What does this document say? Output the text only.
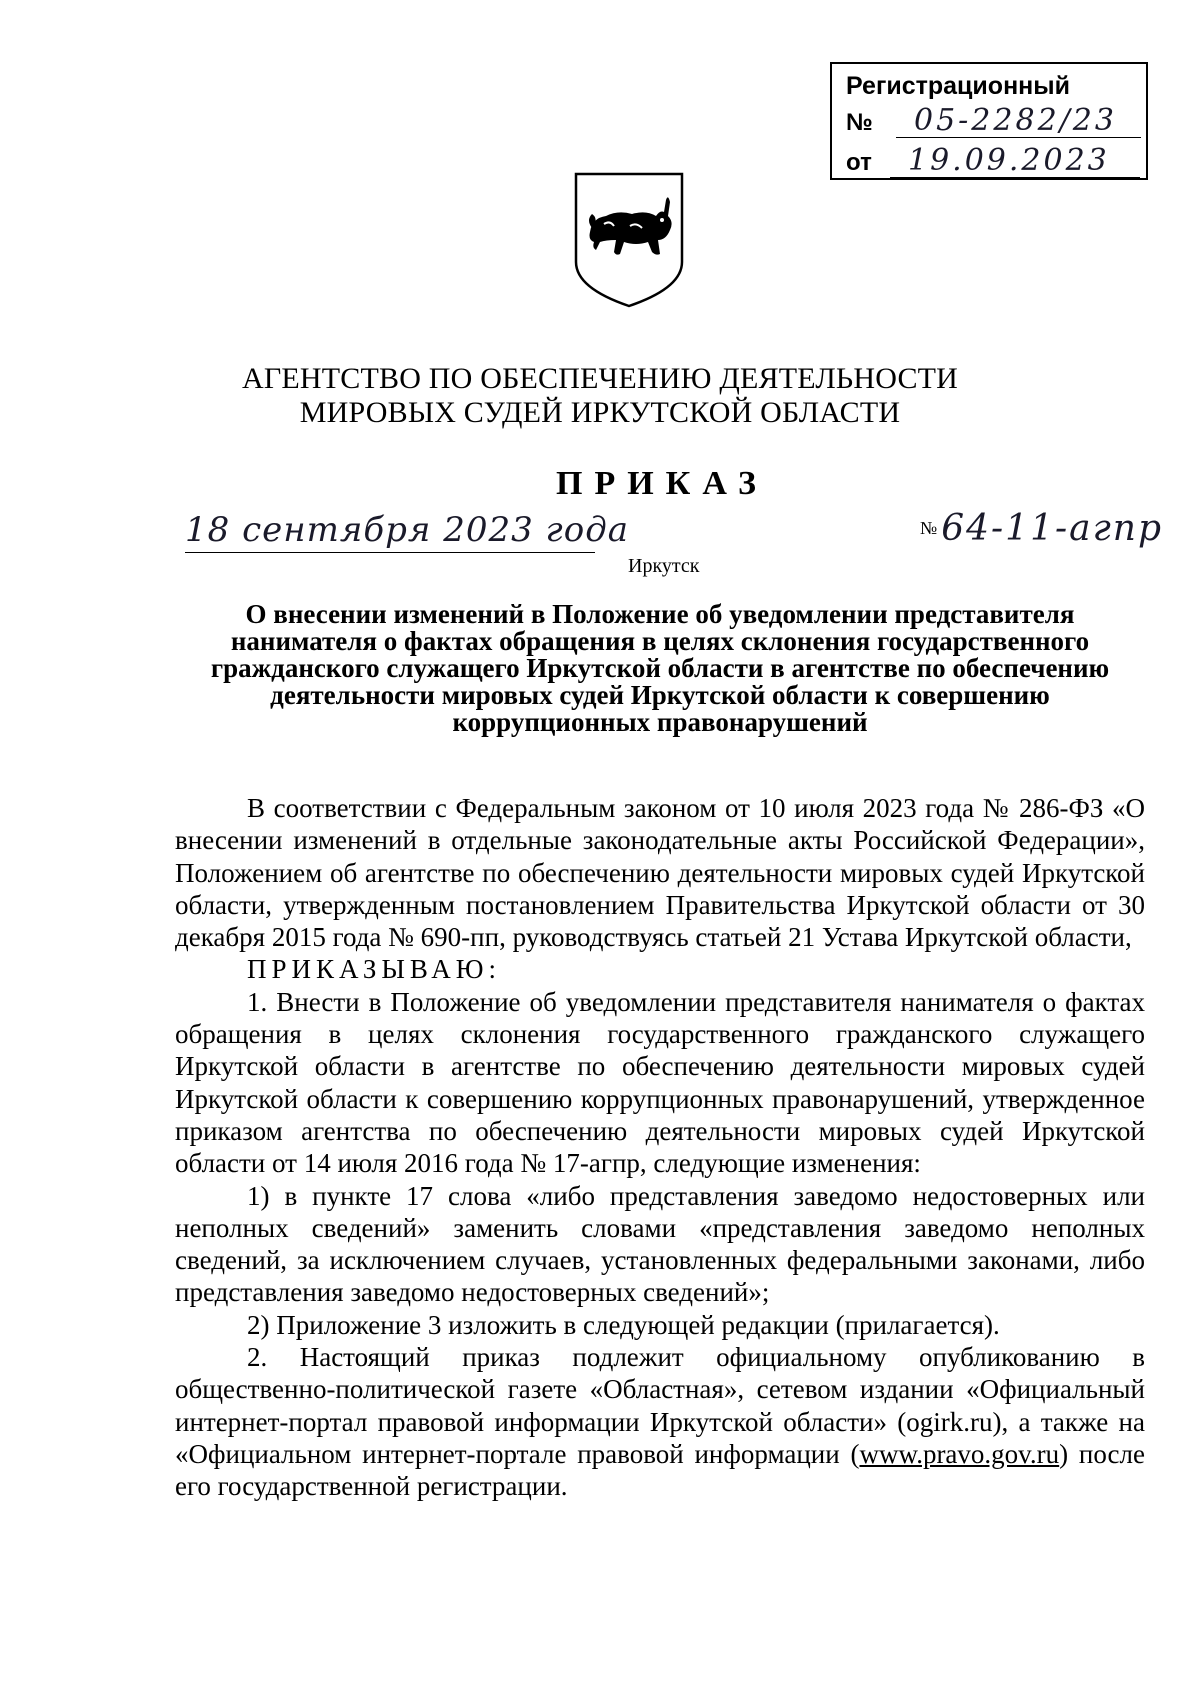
Регистрационный
№ 05-2282/23
от 19.09.2023
АГЕНТСТВО ПО ОБЕСПЕЧЕНИЮ ДЕЯТЕЛЬНОСТИ
МИРОВЫХ СУДЕЙ ИРКУТСКОЙ ОБЛАСТИ
ПРИКАЗ
18 сентября 2023 года	№ 64-11-агпр
Иркутск
О внесении изменений в Положение об уведомлении представителя нанимателя о фактах обращения в целях склонения государственного гражданского служащего Иркутской области в агентстве по обеспечению деятельности мировых судей Иркутской области к совершению коррупционных правонарушений

В соответствии с Федеральным законом от 10 июля 2023 года № 286-ФЗ «О внесении изменений в отдельные законодательные акты Российской Федерации», Положением об агентстве по обеспечению деятельности мировых судей Иркутской области, утвержденным постановлением Правительства Иркутской области от 30 декабря 2015 года № 690-пп, руководствуясь статьей 21 Устава Иркутской области,

ПРИКАЗЫВАЮ:

1. Внести в Положение об уведомлении представителя нанимателя о фактах обращения в целях склонения государственного гражданского служащего Иркутской области в агентстве по обеспечению деятельности мировых судей Иркутской области к совершению коррупционных правонарушений, утвержденное приказом агентства по обеспечению деятельности мировых судей Иркутской области от 14 июля 2016 года № 17-агпр, следующие изменения:

1) в пункте 17 слова «либо представления заведомо недостоверных или неполных сведений» заменить словами «представления заведомо неполных сведений, за исключением случаев, установленных федеральными законами, либо представления заведомо недостоверных сведений»;

2) Приложение 3 изложить в следующей редакции (прилагается).

2. Настоящий приказ подлежит официальному опубликованию в общественно-политической газете «Областная», сетевом издании «Официальный интернет-портал правовой информации Иркутской области» (ogirk.ru), а также на «Официальном интернет-портале правовой информации (www.pravo.gov.ru) после его государственной регистрации.
